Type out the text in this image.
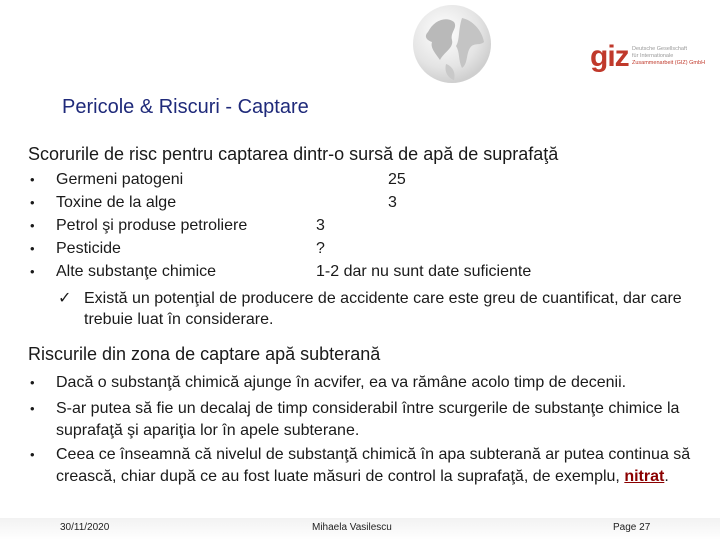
giz Deutsche Gesellschaft
für Internationale
Zusammenarbeit (GIZ) GmbH
Pericole & Riscuri - Captare
Scorurile de risc pentru captarea dintr-o sursă de apă de suprafaţă
• Germeni patogeni	25
• Toxine de la alge	3
• Petrol şi produse petroliere	3
• Pesticide	?
• Alte substanţe chimice	1-2 dar nu sunt date suficiente
✓ Există un potenţial de producere de accidente care este greu de cuantificat, dar care trebuie luat în considerare.
Riscurile din zona de captare apă subterană
• Dacă o substanţă chimică ajunge în acvifer, ea va rămâne acolo timp de decenii.
• S-ar putea să fie un decalaj de timp considerabil între scurgerile de substanţe chimice la suprafaţă şi apariţia lor în apele subterane.
• Ceea ce înseamnă că nivelul de substanţă chimică în apa subterană ar putea continua să crească, chiar după ce au fost luate măsuri de control la suprafaţă, de exemplu, nitrat.
30/11/2020	Mihaela Vasilescu	Page 27
